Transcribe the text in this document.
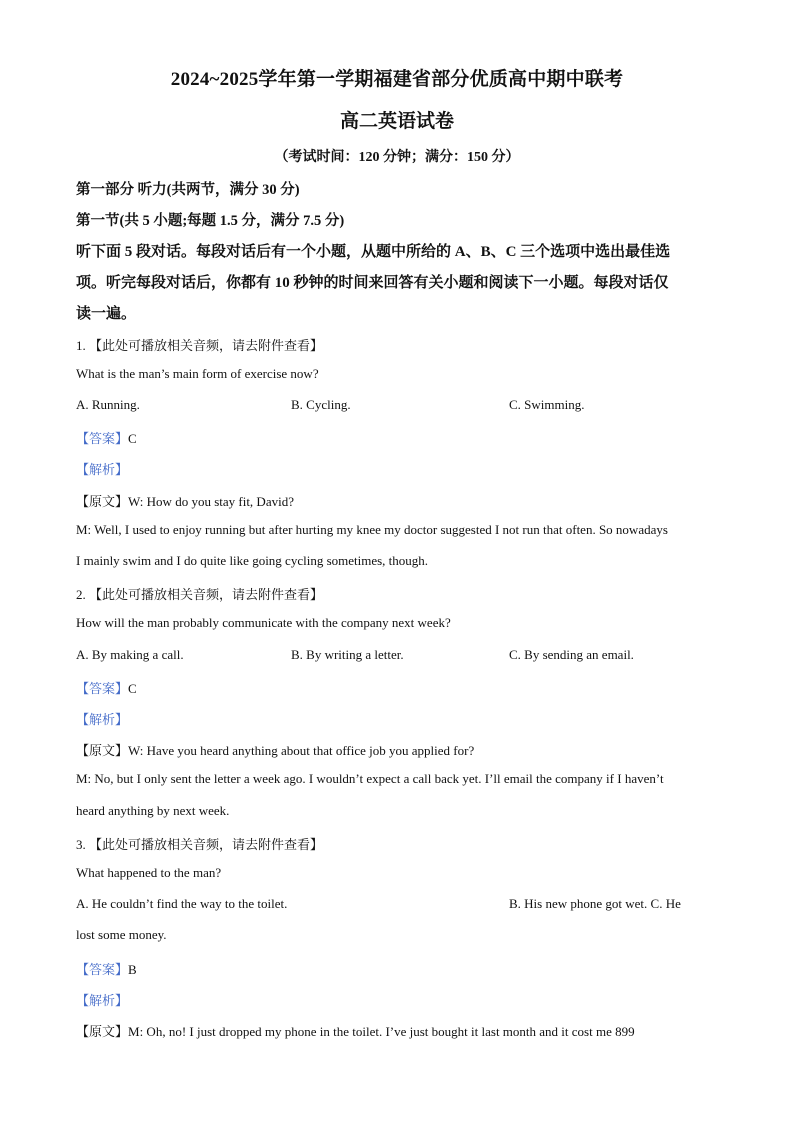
2024~2025学年第一学期福建省部分优质高中期中联考
高二英语试卷
（考试时间：120 分钟；满分：150 分）
第一部分 听力(共两节，满分 30 分)
第一节(共 5 小题;每题 1.5 分，满分 7.5 分)
听下面 5 段对话。每段对话后有一个小题，从题中所给的 A、B、C 三个选项中选出最佳选
项。听完每段对话后，你都有 10 秒钟的时间来回答有关小题和阅读下一小题。每段对话仅
读一遍。
1. 【此处可播放相关音频，请去附件查看】
What is the man’s main form of exercise now?
A. Running.	B. Cycling.	C. Swimming.
【答案】C
【解析】
【原文】W: How do you stay fit, David?
M: Well, I used to enjoy running but after hurting my knee my doctor suggested I not run that often. So nowadays
I mainly swim and I do quite like going cycling sometimes, though.
2. 【此处可播放相关音频，请去附件查看】
How will the man probably communicate with the company next week?
A. By making a call.	B. By writing a letter.	C. By sending an email.
【答案】C
【解析】
【原文】W: Have you heard anything about that office job you applied for?
M: No, but I only sent the letter a week ago. I wouldn’t expect a call back yet. I’ll email the company if I haven’t
heard anything by next week.
3. 【此处可播放相关音频，请去附件查看】
What happened to the man?
A. He couldn’t find the way to the toilet.	B. His new phone got wet. C. He
lost some money.
【答案】B
【解析】
【原文】M: Oh, no! I just dropped my phone in the toilet. I’ve just bought it last month and it cost me 899
